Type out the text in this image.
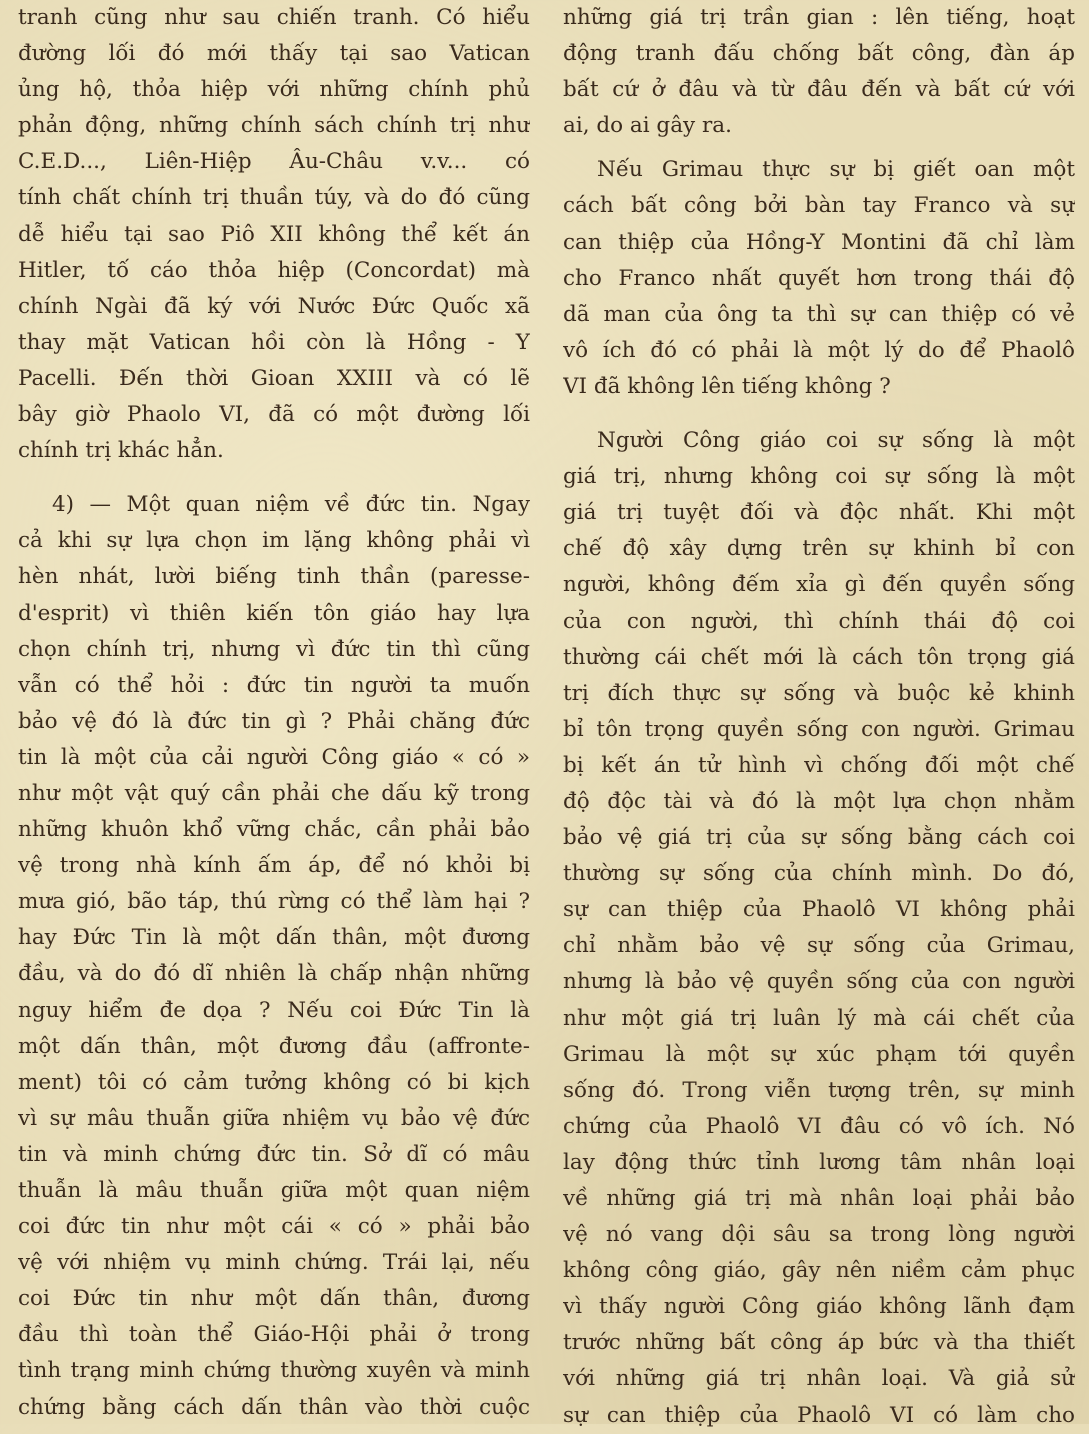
tranh cũng như sau chiến tranh. Có hiểu
đường lối đó mới thấy tại sao Vatican
ủng hộ, thỏa hiệp với những chính phủ
phản động, những chính sách chính trị như
C.E.D..., Liên-Hiệp Âu-Châu v.v... có
tính chất chính trị thuần túy, và do đó cũng
dễ hiểu tại sao Piô XII không thể kết án
Hitler, tố cáo thỏa hiệp (Concordat) mà
chính Ngài đã ký với Nước Đức Quốc xã
thay mặt Vatican hồi còn là Hồng - Y
Pacelli. Đến thời Gioan XXIII và có lẽ
bây giờ Phaolo VI, đã có một đường lối
chính trị khác hẳn.
4) — Một quan niệm về đức tin. Ngay
cả khi sự lựa chọn im lặng không phải vì
hèn nhát, lười biếng tinh thần (paresse-
d'esprit) vì thiên kiến tôn giáo hay lựa
chọn chính trị, nhưng vì đức tin thì cũng
vẫn có thể hỏi : đức tin người ta muốn
bảo vệ đó là đức tin gì ? Phải chăng đức
tin là một của cải người Công giáo « có »
như một vật quý cần phải che dấu kỹ trong
những khuôn khổ vững chắc, cần phải bảo
vệ trong nhà kính ấm áp, để nó khỏi bị
mưa gió, bão táp, thú rừng có thể làm hại ?
hay Đức Tin là một dấn thân, một đương
đầu, và do đó dĩ nhiên là chấp nhận những
nguy hiểm đe dọa ? Nếu coi Đức Tin là
một dấn thân, một đương đầu (affronte-
ment) tôi có cảm tưởng không có bi kịch
vì sự mâu thuẫn giữa nhiệm vụ bảo vệ đức
tin và minh chứng đức tin. Sở dĩ có mâu
thuẫn là mâu thuẫn giữa một quan niệm
coi đức tin như một cái « có » phải bảo
vệ với nhiệm vụ minh chứng. Trái lại, nếu
coi Đức tin như một dấn thân, đương
đầu thì toàn thể Giáo-Hội phải ở trong
tình trạng minh chứng thường xuyên và minh
chứng bằng cách dấn thân vào thời cuộc
những giá trị trần gian : lên tiếng, hoạt
động tranh đấu chống bất công, đàn áp
bất cứ ở đâu và từ đâu đến và bất cứ với
ai, do ai gây ra.
Nếu Grimau thực sự bị giết oan một
cách bất công bởi bàn tay Franco và sự
can thiệp của Hồng-Y Montini đã chỉ làm
cho Franco nhất quyết hơn trong thái độ
dã man của ông ta thì sự can thiệp có vẻ
vô ích đó có phải là một lý do để Phaolô
VI đã không lên tiếng không ?
Người Công giáo coi sự sống là một
giá trị, nhưng không coi sự sống là một
giá trị tuyệt đối và độc nhất. Khi một
chế độ xây dựng trên sự khinh bỉ con
người, không đếm xỉa gì đến quyền sống
của con người, thì chính thái độ coi
thường cái chết mới là cách tôn trọng giá
trị đích thực sự sống và buộc kẻ khinh
bỉ tôn trọng quyền sống con người. Grimau
bị kết án tử hình vì chống đối một chế
độ độc tài và đó là một lựa chọn nhằm
bảo vệ giá trị của sự sống bằng cách coi
thường sự sống của chính mình. Do đó,
sự can thiệp của Phaolô VI không phải
chỉ nhằm bảo vệ sự sống của Grimau,
nhưng là bảo vệ quyền sống của con người
như một giá trị luân lý mà cái chết của
Grimau là một sự xúc phạm tới quyền
sống đó. Trong viễn tượng trên, sự minh
chứng của Phaolô VI đâu có vô ích. Nó
lay động thức tỉnh lương tâm nhân loại
về những giá trị mà nhân loại phải bảo
vệ nó vang dội sâu sa trong lòng người
không công giáo, gây nên niềm cảm phục
vì thấy người Công giáo không lãnh đạm
trước những bất công áp bức và tha thiết
với những giá trị nhân loại. Và giả sử
sự can thiệp của Phaolô VI có làm cho
